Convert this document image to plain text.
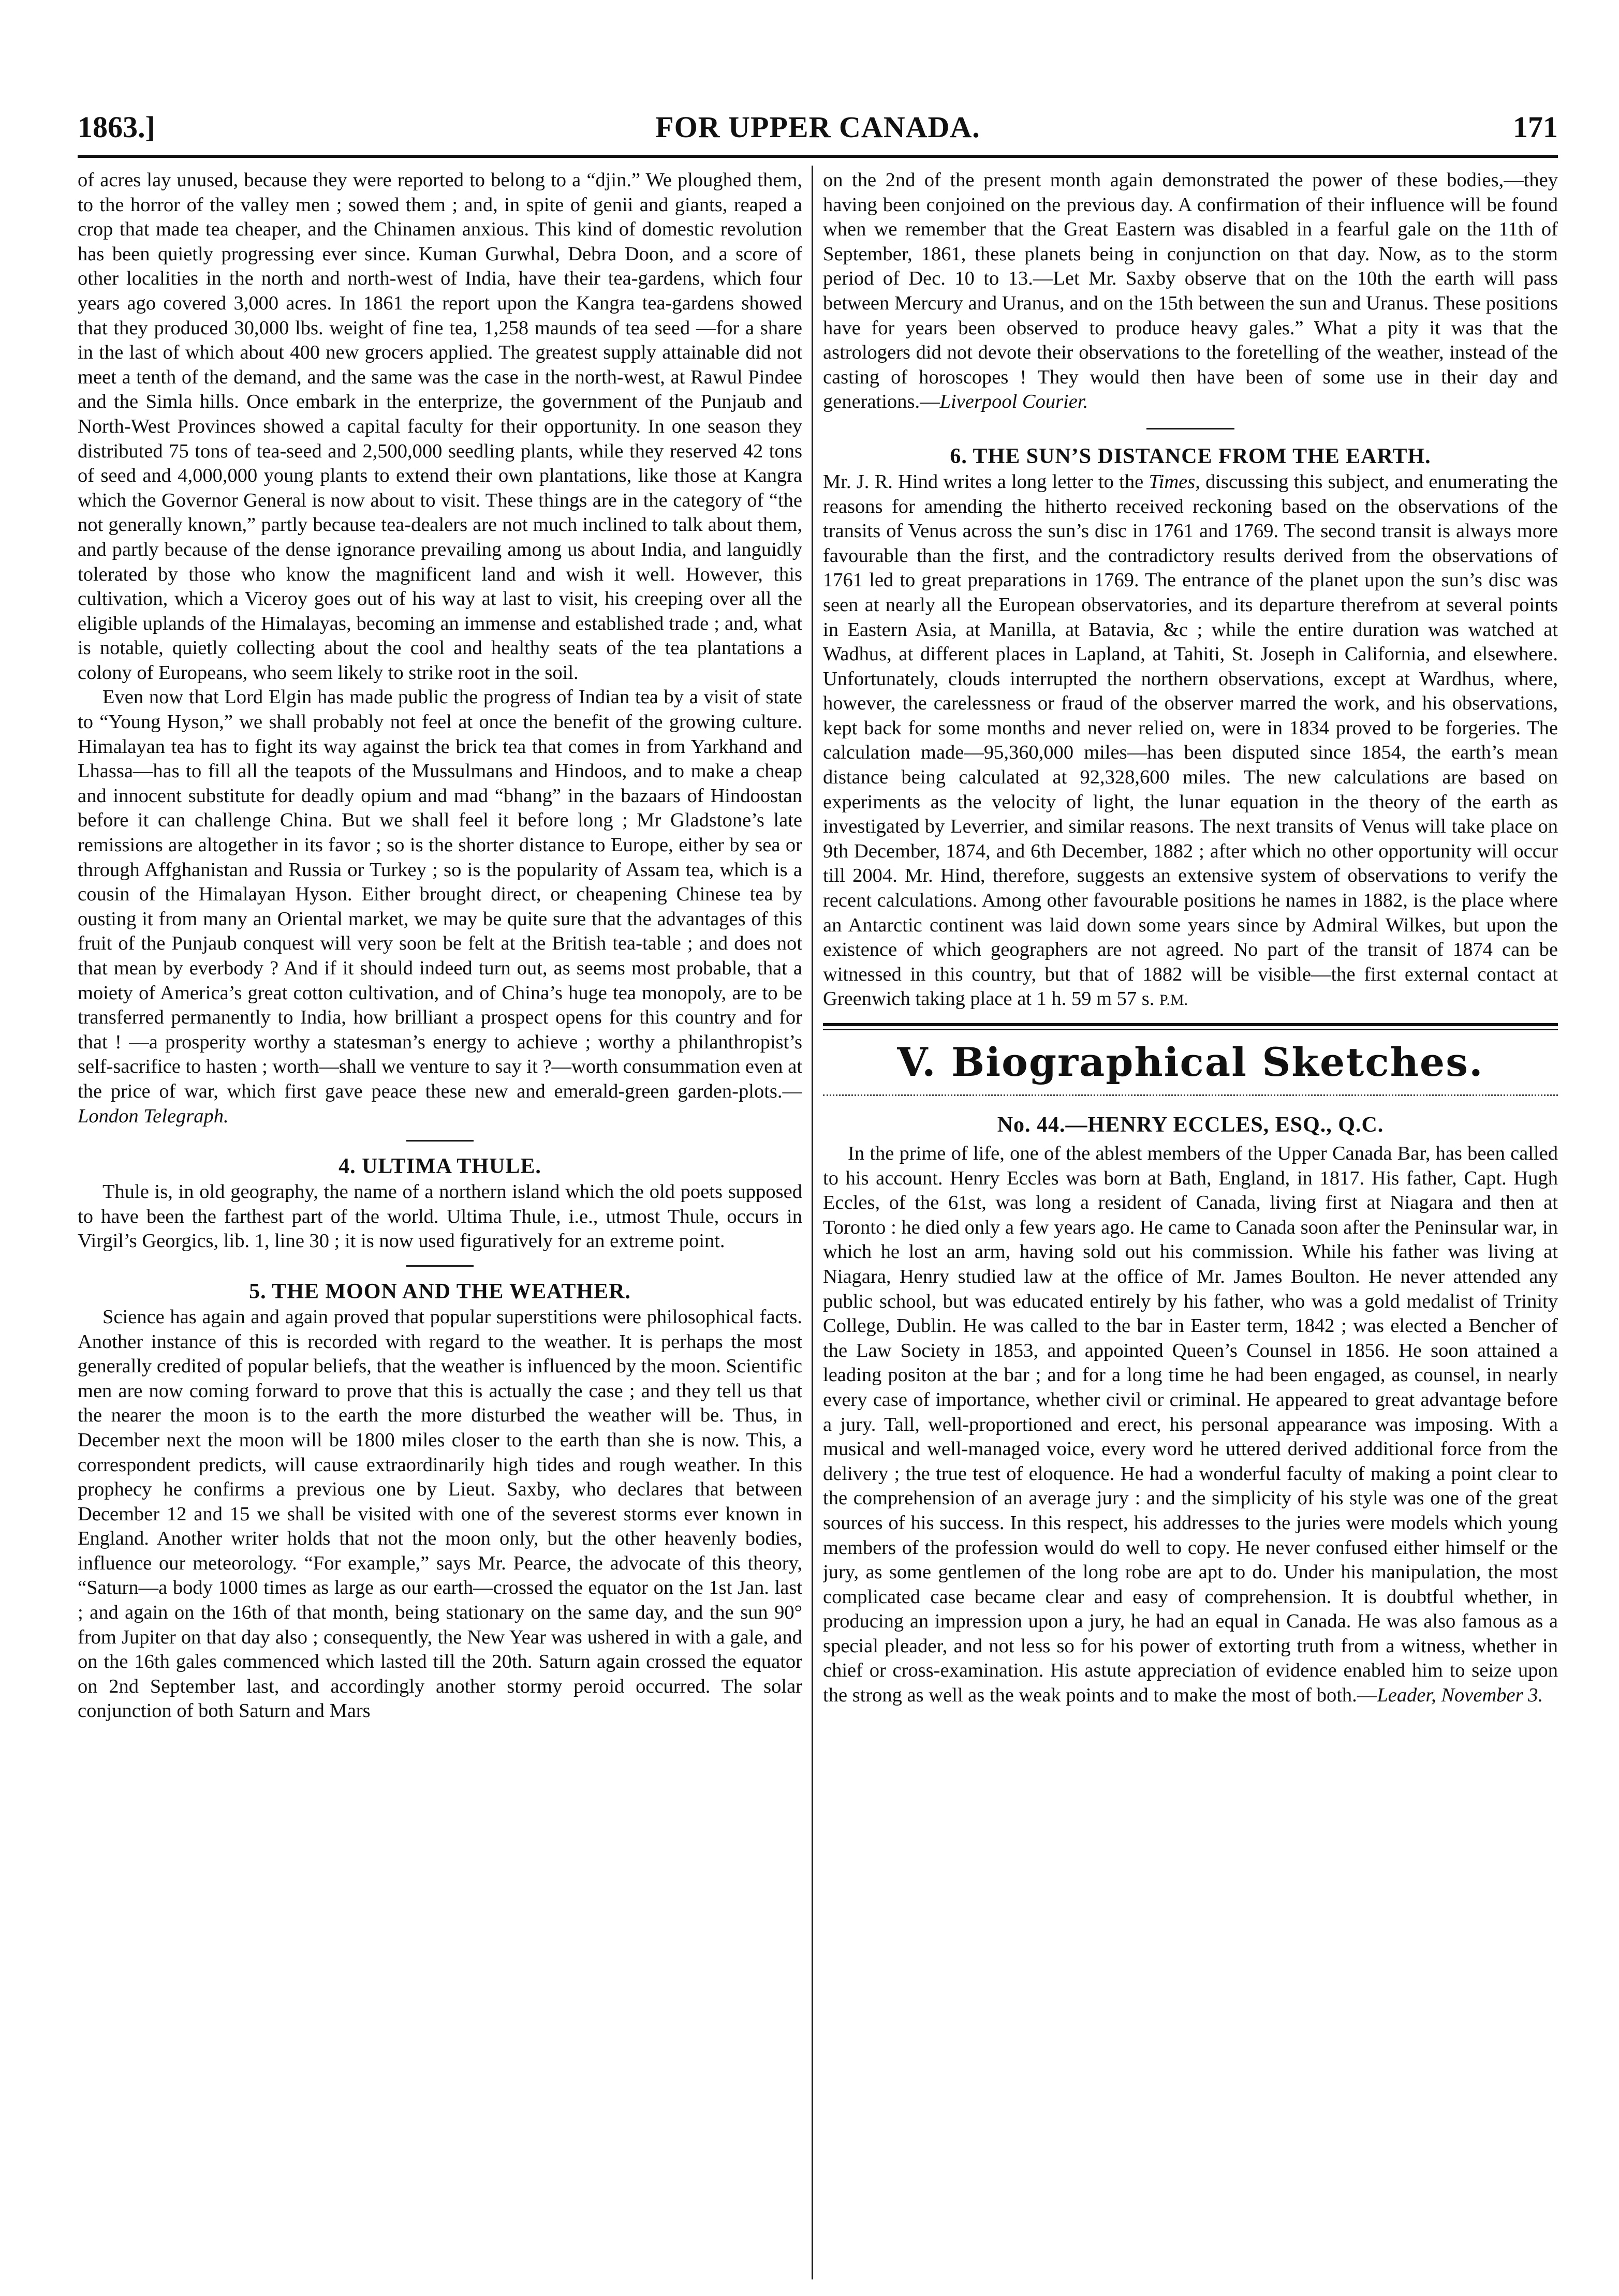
1863.]	FOR UPPER CANADA.	171

of acres lay unused, because they were reported to belong to a “djin.” We ploughed them, to the horror of the valley men ; sowed them ; and, in spite of genii and giants, reaped a crop that made tea cheaper, and the Chinamen anxious. This kind of domestic revolution has been quietly progressing ever since. Kuman Gurwhal, Debra Doon, and a score of other localities in the north and north-west of India, have their tea-gardens, which four years ago covered 3,000 acres. In 1861 the report upon the Kangra tea-gardens showed that they produced 30,000 lbs. weight of fine tea, 1,258 maunds of tea seed —for a share in the last of which about 400 new grocers applied. The greatest supply attainable did not meet a tenth of the demand, and the same was the case in the north-west, at Rawul Pindee and the Simla hills. Once embark in the enterprize, the government of the Punjaub and North-West Provinces showed a capital faculty for their opportunity. In one season they distributed 75 tons of tea-seed and 2,500,000 seedling plants, while they reserved 42 tons of seed and 4,000,000 young plants to extend their own plantations, like those at Kangra which the Governor General is now about to visit. These things are in the category of “the not generally known,” partly because tea-dealers are not much inclined to talk about them, and partly because of the dense ignorance prevailing among us about India, and languidly tolerated by those who know the magnificent land and wish it well. However, this cultivation, which a Viceroy goes out of his way at last to visit, his creeping over all the eligible uplands of the Himalayas, becoming an immense and established trade ; and, what is notable, quietly collecting about the cool and healthy seats of the tea plantations a colony of Europeans, who seem likely to strike root in the soil.

Even now that Lord Elgin has made public the progress of Indian tea by a visit of state to “Young Hyson,” we shall probably not feel at once the benefit of the growing culture. Himalayan tea has to fight its way against the brick tea that comes in from Yarkhand and Lhassa—has to fill all the teapots of the Mussulmans and Hindoos, and to make a cheap and innocent substitute for deadly opium and mad “bhang” in the bazaars of Hindoostan before it can challenge China. But we shall feel it before long ; Mr Gladstone’s late remissions are altogether in its favor ; so is the shorter distance to Europe, either by sea or through Affghanistan and Russia or Turkey ; so is the popularity of Assam tea, which is a cousin of the Himalayan Hyson. Either brought direct, or cheapening Chinese tea by ousting it from many an Oriental market, we may be quite sure that the advantages of this fruit of the Punjaub conquest will very soon be felt at the British tea-table ; and does not that mean by everbody ? And if it should indeed turn out, as seems most probable, that a moiety of America’s great cotton cultivation, and of China’s huge tea monopoly, are to be transferred permanently to India, how brilliant a prospect opens for this country and for that ! —a prosperity worthy a statesman’s energy to achieve ; worthy a philanthropist’s self-sacrifice to hasten ; worth—shall we venture to say it ?—worth consummation even at the price of war, which first gave peace these new and emerald-green garden-plots.—London Telegraph.

4. ULTIMA THULE.

Thule is, in old geography, the name of a northern island which the old poets supposed to have been the farthest part of the world. Ultima Thule, i.e., utmost Thule, occurs in Virgil’s Georgics, lib. 1, line 30 ; it is now used figuratively for an extreme point.

5. THE MOON AND THE WEATHER.

Science has again and again proved that popular superstitions were philosophical facts. Another instance of this is recorded with regard to the weather. It is perhaps the most generally credited of popular beliefs, that the weather is influenced by the moon. Scientific men are now coming forward to prove that this is actually the case ; and they tell us that the nearer the moon is to the earth the more disturbed the weather will be. Thus, in December next the moon will be 1800 miles closer to the earth than she is now. This, a correspondent predicts, will cause extraordinarily high tides and rough weather. In this prophecy he confirms a previous one by Lieut. Saxby, who declares that between December 12 and 15 we shall be visited with one of the severest storms ever known in England. Another writer holds that not the moon only, but the other heavenly bodies, influence our meteorology. “For example,” says Mr. Pearce, the advocate of this theory, “Saturn—a body 1000 times as large as our earth—crossed the equator on the 1st Jan. last ; and again on the 16th of that month, being stationary on the same day, and the sun 90° from Jupiter on that day also ; consequently, the New Year was ushered in with a gale, and on the 16th gales commenced which lasted till the 20th. Saturn again crossed the equator on 2nd September last, and accordingly another stormy peroid occurred. The solar conjunction of both Saturn and Mars

on the 2nd of the present month again demonstrated the power of these bodies,—they having been conjoined on the previous day. A confirmation of their influence will be found when we remember that the Great Eastern was disabled in a fearful gale on the 11th of September, 1861, these planets being in conjunction on that day. Now, as to the storm period of Dec. 10 to 13.—Let Mr. Saxby observe that on the 10th the earth will pass between Mercury and Uranus, and on the 15th between the sun and Uranus. These positions have for years been observed to produce heavy gales.” What a pity it was that the astrologers did not devote their observations to the foretelling of the weather, instead of the casting of horoscopes ! They would then have been of some use in their day and generations.—Liverpool Courier.

6. THE SUN’S DISTANCE FROM THE EARTH.

Mr. J. R. Hind writes a long letter to the Times, discussing this subject, and enumerating the reasons for amending the hitherto received reckoning based on the observations of the transits of Venus across the sun’s disc in 1761 and 1769. The second transit is always more favourable than the first, and the contradictory results derived from the observations of 1761 led to great preparations in 1769. The entrance of the planet upon the sun’s disc was seen at nearly all the European observatories, and its departure therefrom at several points in Eastern Asia, at Manilla, at Batavia, &c ; while the entire duration was watched at Wadhus, at different places in Lapland, at Tahiti, St. Joseph in California, and elsewhere. Unfortunately, clouds interrupted the northern observations, except at Wardhus, where, however, the carelessness or fraud of the observer marred the work, and his observations, kept back for some months and never relied on, were in 1834 proved to be forgeries. The calculation made—95,360,000 miles—has been disputed since 1854, the earth’s mean distance being calculated at 92,328,600 miles. The new calculations are based on experiments as the velocity of light, the lunar equation in the theory of the earth as investigated by Leverrier, and similar reasons. The next transits of Venus will take place on 9th December, 1874, and 6th December, 1882 ; after which no other opportunity will occur till 2004. Mr. Hind, therefore, suggests an extensive system of observations to verify the recent calculations. Among other favourable positions he names in 1882, is the place where an Antarctic continent was laid down some years since by Admiral Wilkes, but upon the existence of which geographers are not agreed. No part of the transit of 1874 can be witnessed in this country, but that of 1882 will be visible—the first external contact at Greenwich taking place at 1 h. 59 m 57 s. P.M.

V. Biographical Sketches.
No. 44.—HENRY ECCLES, ESQ., Q.C.

In the prime of life, one of the ablest members of the Upper Canada Bar, has been called to his account. Henry Eccles was born at Bath, England, in 1817. His father, Capt. Hugh Eccles, of the 61st, was long a resident of Canada, living first at Niagara and then at Toronto : he died only a few years ago. He came to Canada soon after the Peninsular war, in which he lost an arm, having sold out his commission. While his father was living at Niagara, Henry studied law at the office of Mr. James Boulton. He never attended any public school, but was educated entirely by his father, who was a gold medalist of Trinity College, Dublin. He was called to the bar in Easter term, 1842 ; was elected a Bencher of the Law Society in 1853, and appointed Queen’s Counsel in 1856. He soon attained a leading positon at the bar ; and for a long time he had been engaged, as counsel, in nearly every case of importance, whether civil or criminal. He appeared to great advantage before a jury. Tall, well-proportioned and erect, his personal appearance was imposing. With a musical and well-managed voice, every word he uttered derived additional force from the delivery ; the true test of eloquence. He had a wonderful faculty of making a point clear to the comprehension of an average jury : and the simplicity of his style was one of the great sources of his success. In this respect, his addresses to the juries were models which young members of the profession would do well to copy. He never confused either himself or the jury, as some gentlemen of the long robe are apt to do. Under his manipulation, the most complicated case became clear and easy of comprehension. It is doubtful whether, in producing an impression upon a jury, he had an equal in Canada. He was also famous as a special pleader, and not less so for his power of extorting truth from a witness, whether in chief or cross-examination. His astute appreciation of evidence enabled him to seize upon the strong as well as the weak points and to make the most of both.—Leader, November 3.
